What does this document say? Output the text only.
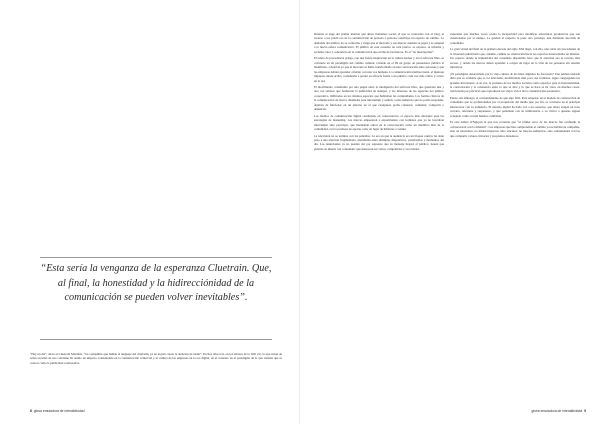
“Esta sería la venganza de la esperanza Cluetrain. Que, al final, la honestidad y la hidirecciónidad de la comunicación se pueden volver inevitables”.

“Hay un día”, decía el Cluetrain Manifest, “las compañías que hablan el lenguaje del charlatán, ya no logran captar la atención de nadie”. Pocitos años tras, en los albores de la Web 2.0, la apa-rición de redes sociales de uso cotidiano ha tenido un impacto considerable en la comunicación comercial y la cultura de las empresas en la era digital, en el contexto en el paradigma de lo que transita que se conoce como la publicidad colaborativa.

8 glosa emuladora de interaktividad

Durante el auge del primer internet que ahora llamamos social, el que se conectaba con el blog, el recurso a los prácti-cos de la comunicación de persona a persona constituye un espacio de cambio. La demanda del público no se conforma y exige que el mercado y sus marcas asuman su papel y se adapten a la nueva esfera comunicativa. El público en este contexto no está pasivo: se expresa, se informa y reclama valor y coherencia en la comunicación que recibe de las marcas. Es el “no interrupción”.

El relato de procedencia griega, con una fuerte inspiración en la cultura hacker y en el software libre, se convierte en un paradigma del cambio cultural. Cuando en el 99 un grupo de pensadores publicó el manifiesto, advertían ya que el mercado se había transformado en una conversación entre personas y que las empresas debían aprender a hablar con una voz humana. La comunicación unidireccional, el mensaje impuesto desde arriba, comenzaba a perder su eficacia frente a un público cada vez más crítico y activo en la red.

El movimiento constituido por una pugna entre la inteligencia del software libre, que generaba una y otra vez saberes que deshacían la publicidad de siempre, y los intereses de las agencias del público corporativo, infiltrados en los mismos espacios que habitaban las comunidades. Las formas clásicas de la comunicación de marca, diseñadas para interrumpir y seducir a una audiencia que no podía responder, dejaban de funcionar en un entorno en el que cualquiera podía contestar, comentar, compartir o denunciar.

Los medios de comunicación digital resultaban, en consecuencia, el espacio más relevante para las estrategias de marketing. Las marcas empezaron a experimentar con formatos que ya no buscaban interrumpir sino participar, que intentaban entrar en la conversación como un miembro más de la comunidad, con la promesa de aportar valor en lugar de limitarse a vender.

La televisión no se termina con las pantallas. La era en que la audiencia era un bloque cautivo ha dado paso a una atención fragmentada, distribuida entre múltiples dispositivos, plataformas y momentos del día. Los anunciantes ya no pueden dar por supuesto que su mensaje llegará al público; tienen que ganarse su interés con contenidos que merezcan ser vistos, compartidos y recordados.

expresión que muchos veces oculta la incapacidad para modificar estructuras productivas que son cuestionadas por el tiempo. La gestión al respecto la pone otra paradoja, una demanda asociada de contenidos.

La gran virtud del final de la primera década del siglo XXI llegó, con ella, una caída sin precedentes de la inversión publicitaria que, además, cambia su orientación hacia los espacios desarrollados en internet. Un espacio donde la inmensidad del contenido disponible hace que la atención sea el recurso más escaso, y donde las marcas deben aprender a ocupar un lugar en la vida de las personas sin resultar intrusivas.

¿El paradigma desarrollado por la vieja cultura de los hitos digitales ha fracasado? Una primera mirada diría que es evidente que sí. La televisión, modificando más poco sus formatos, sigue congregando las grandes inversiones. A su vez, la promesa de los medios sociales como espacios para la horizontalidad, la conversación y la coherencia entre lo que se dice y lo que se hace se ha visto, en muchos casos, traicionada por prácticas que reproducen los viejos vicios de la comunicación persuasiva.

Existe, sin embargo, el convencimiento de que algo falla. Para empezar, en el modelo de construcción de contenidos que se profesionaliza por el propietario del medio que, por fin, se convierte en el principal interlocutor con su audiencia. El entorno digital ha dado voz a los usuarios, que ahora exigen un trato cercano, relevante y respetuoso, y que penalizan con su indiferencia o su crítica a quienes siguen actuando como si nada hubiera cambiado.

Es este Albert O'Nguyen el que nos recuerda que “el primer error de las marcas fue confundir la conversación con la difusión”. Las empresas que han comprendido el cambio ya no hablan de campañas, sino de relaciones; no miden impactos, sino vínculos; no buscan audiencias, sino comunidades con las que compartir valores, historias y propósitos duraderos.

glosa emuladora de interaktividad 9
